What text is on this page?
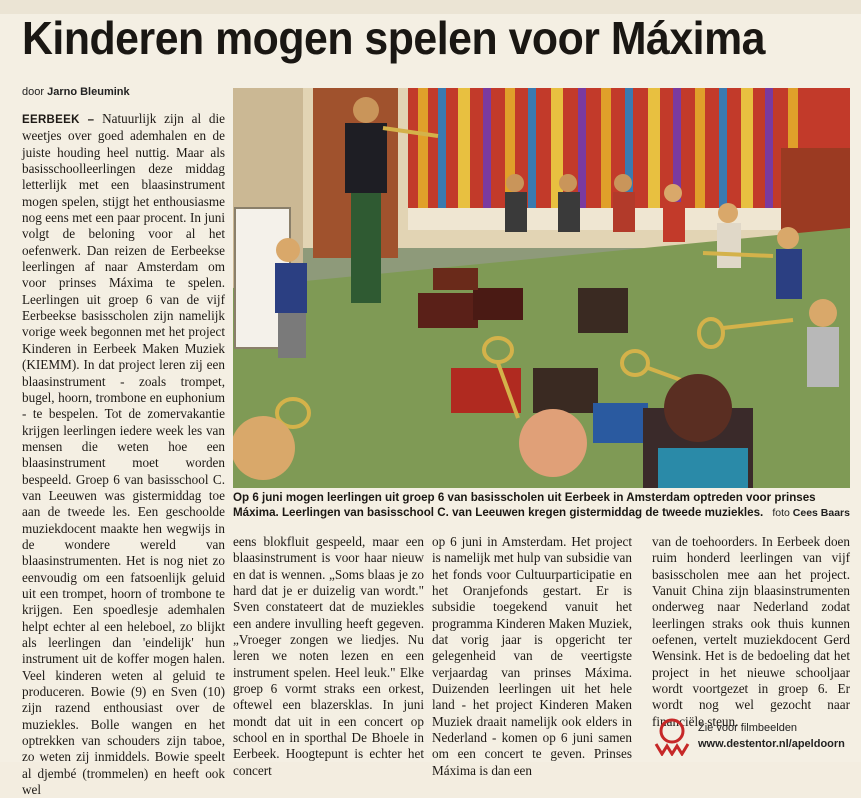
Kinderen mogen spelen voor Máxima
door Jarno Bleumink
Op 6 juni mogen leerlingen uit groep 6 van basisscholen uit Eerbeek in Amsterdam optreden voor prinses Máxima. Leerlingen van basisschool C. van Leeuwen kregen gistermiddag de tweede muziekles. foto Cees Baars

EERBEEK – Natuurlijk zijn al die weetjes over goed ademhalen en de juiste houding heel nuttig. Maar als basisschoolleerlingen deze middag letterlijk met een blaasinstrument mogen spelen, stijgt het enthousiasme nog eens met een paar procent. In juni volgt de beloning voor al het oefenwerk. Dan reizen de Eerbeekse leerlingen af naar Amsterdam om voor prinses Máxima te spelen. Leerlingen uit groep 6 van de vijf Eerbeekse basisscholen zijn namelijk vorige week begonnen met het project Kinderen in Eerbeek Maken Muziek (KIEMM). In dat project leren zij een blaasinstrument - zoals trompet, bugel, hoorn, trombone en euphonium - te bespelen. Tot de zomervakantie krijgen leerlingen iedere week les van mensen die weten hoe een blaasinstrument moet worden bespeeld. Groep 6 van basisschool C. van Leeuwen was gistermiddag toe aan de tweede les. Een geschoolde muziekdocent maakte hen wegwijs in de wondere wereld van blaasinstrumenten. Het is nog niet zo eenvoudig om een fatsoenlijk geluid uit een trompet, hoorn of trombone te krijgen. Een spoedlesje ademhalen helpt echter al een heleboel, zo blijkt als leerlingen dan 'eindelijk' hun instrument uit de koffer mogen halen. Veel kinderen weten al geluid te produceren. Bowie (9) en Sven (10) zijn razend enthousiast over de muziekles. Bolle wangen en het optrekken van schouders zijn taboe, zo weten zij inmiddels. Bowie speelt al djembé (trommelen) en heeft ook wel

eens blokfluit gespeeld, maar een blaasinstrument is voor haar nieuw en dat is wennen. „Soms blaas je zo hard dat je er duizelig van wordt." Sven constateert dat de muziekles een andere invulling heeft gegeven. „Vroeger zongen we liedjes. Nu leren we noten lezen en een instrument spelen. Heel leuk." Elke groep 6 vormt straks een orkest, oftewel een blazersklas. In juni mondt dat uit in een concert op school en in sporthal De Bhoele in Eerbeek. Hoogtepunt is echter het concert

op 6 juni in Amsterdam. Het project is namelijk met hulp van subsidie van het fonds voor Cultuurparticipatie en het Oranjefonds gestart. Er is subsidie toegekend vanuit het programma Kinderen Maken Muziek, dat vorig jaar is opgericht ter gelegenheid van de veertigste verjaardag van prinses Máxima. Duizenden leerlingen uit het hele land - het project Kinderen Maken Muziek draait namelijk ook elders in Nederland - komen op 6 juni samen om een concert te geven. Prinses Máxima is dan een

van de toehoorders. In Eerbeek doen ruim honderd leerlingen van vijf basisscholen mee aan het project. Vanuit China zijn blaasinstrumenten onderweg naar Nederland zodat leerlingen straks ook thuis kunnen oefenen, vertelt muziekdocent Gerd Wensink. Het is de bedoeling dat het project in het nieuwe schooljaar wordt voortgezet in groep 6. Er wordt nog wel gezocht naar financiële steun.

Zie voor filmbeelden
www.destentor.nl/apeldoorn
